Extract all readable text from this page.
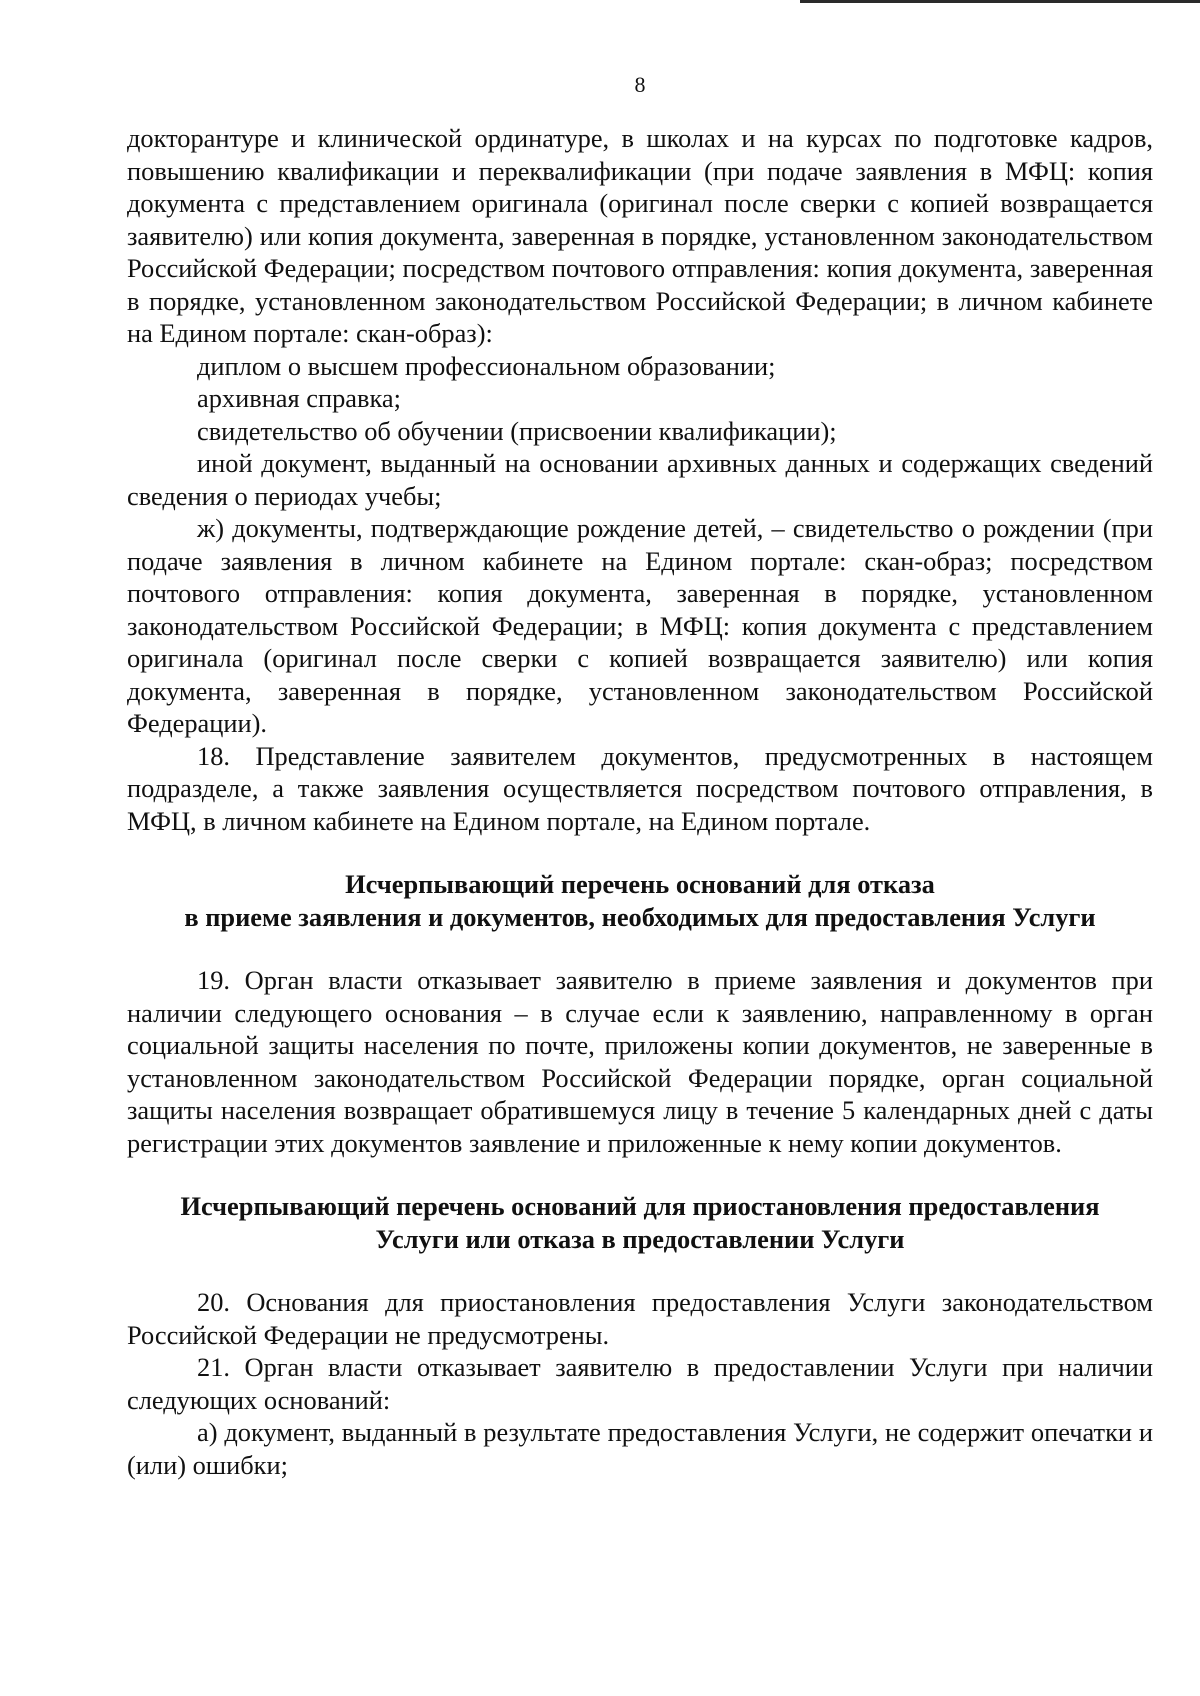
8

докторантуре и клинической ординатуре, в школах и на курсах по подготовке кадров, повышению квалификации и переквалификации (при подаче заявления в МФЦ: копия документа с представлением оригинала (оригинал после сверки с копией возвращается заявителю) или копия документа, заверенная в порядке, установленном законодательством Российской Федерации; посредством почтового отправления: копия документа, заверенная в порядке, установленном законодательством Российской Федерации; в личном кабинете на Едином портале: скан-образ):

диплом о высшем профессиональном образовании;

архивная справка;

свидетельство об обучении (присвоении квалификации);

иной документ, выданный на основании архивных данных и содержащих сведений сведения о периодах учебы;

ж) документы, подтверждающие рождение детей, – свидетельство о рождении (при подаче заявления в личном кабинете на Едином портале: скан-образ; посредством почтового отправления: копия документа, заверенная в порядке, установленном законодательством Российской Федерации; в МФЦ: копия документа с представлением оригинала (оригинал после сверки с копией возвращается заявителю) или копия документа, заверенная в порядке, установленном законодательством Российской Федерации).

18. Представление заявителем документов, предусмотренных в настоящем подразделе, а также заявления осуществляется посредством почтового отправления, в МФЦ, в личном кабинете на Едином портале, на Едином портале.

Исчерпывающий перечень оснований для отказа
в приеме заявления и документов, необходимых для предоставления Услуги

19. Орган власти отказывает заявителю в приеме заявления и документов при наличии следующего основания – в случае если к заявлению, направленному в орган социальной защиты населения по почте, приложены копии документов, не заверенные в установленном законодательством Российской Федерации порядке, орган социальной защиты населения возвращает обратившемуся лицу в течение 5 календарных дней с даты регистрации этих документов заявление и приложенные к нему копии документов.

Исчерпывающий перечень оснований для приостановления предоставления
Услуги или отказа в предоставлении Услуги

20. Основания для приостановления предоставления Услуги законодательством Российской Федерации не предусмотрены.

21. Орган власти отказывает заявителю в предоставлении Услуги при наличии следующих оснований:

а) документ, выданный в результате предоставления Услуги, не содержит опечатки и (или) ошибки;
